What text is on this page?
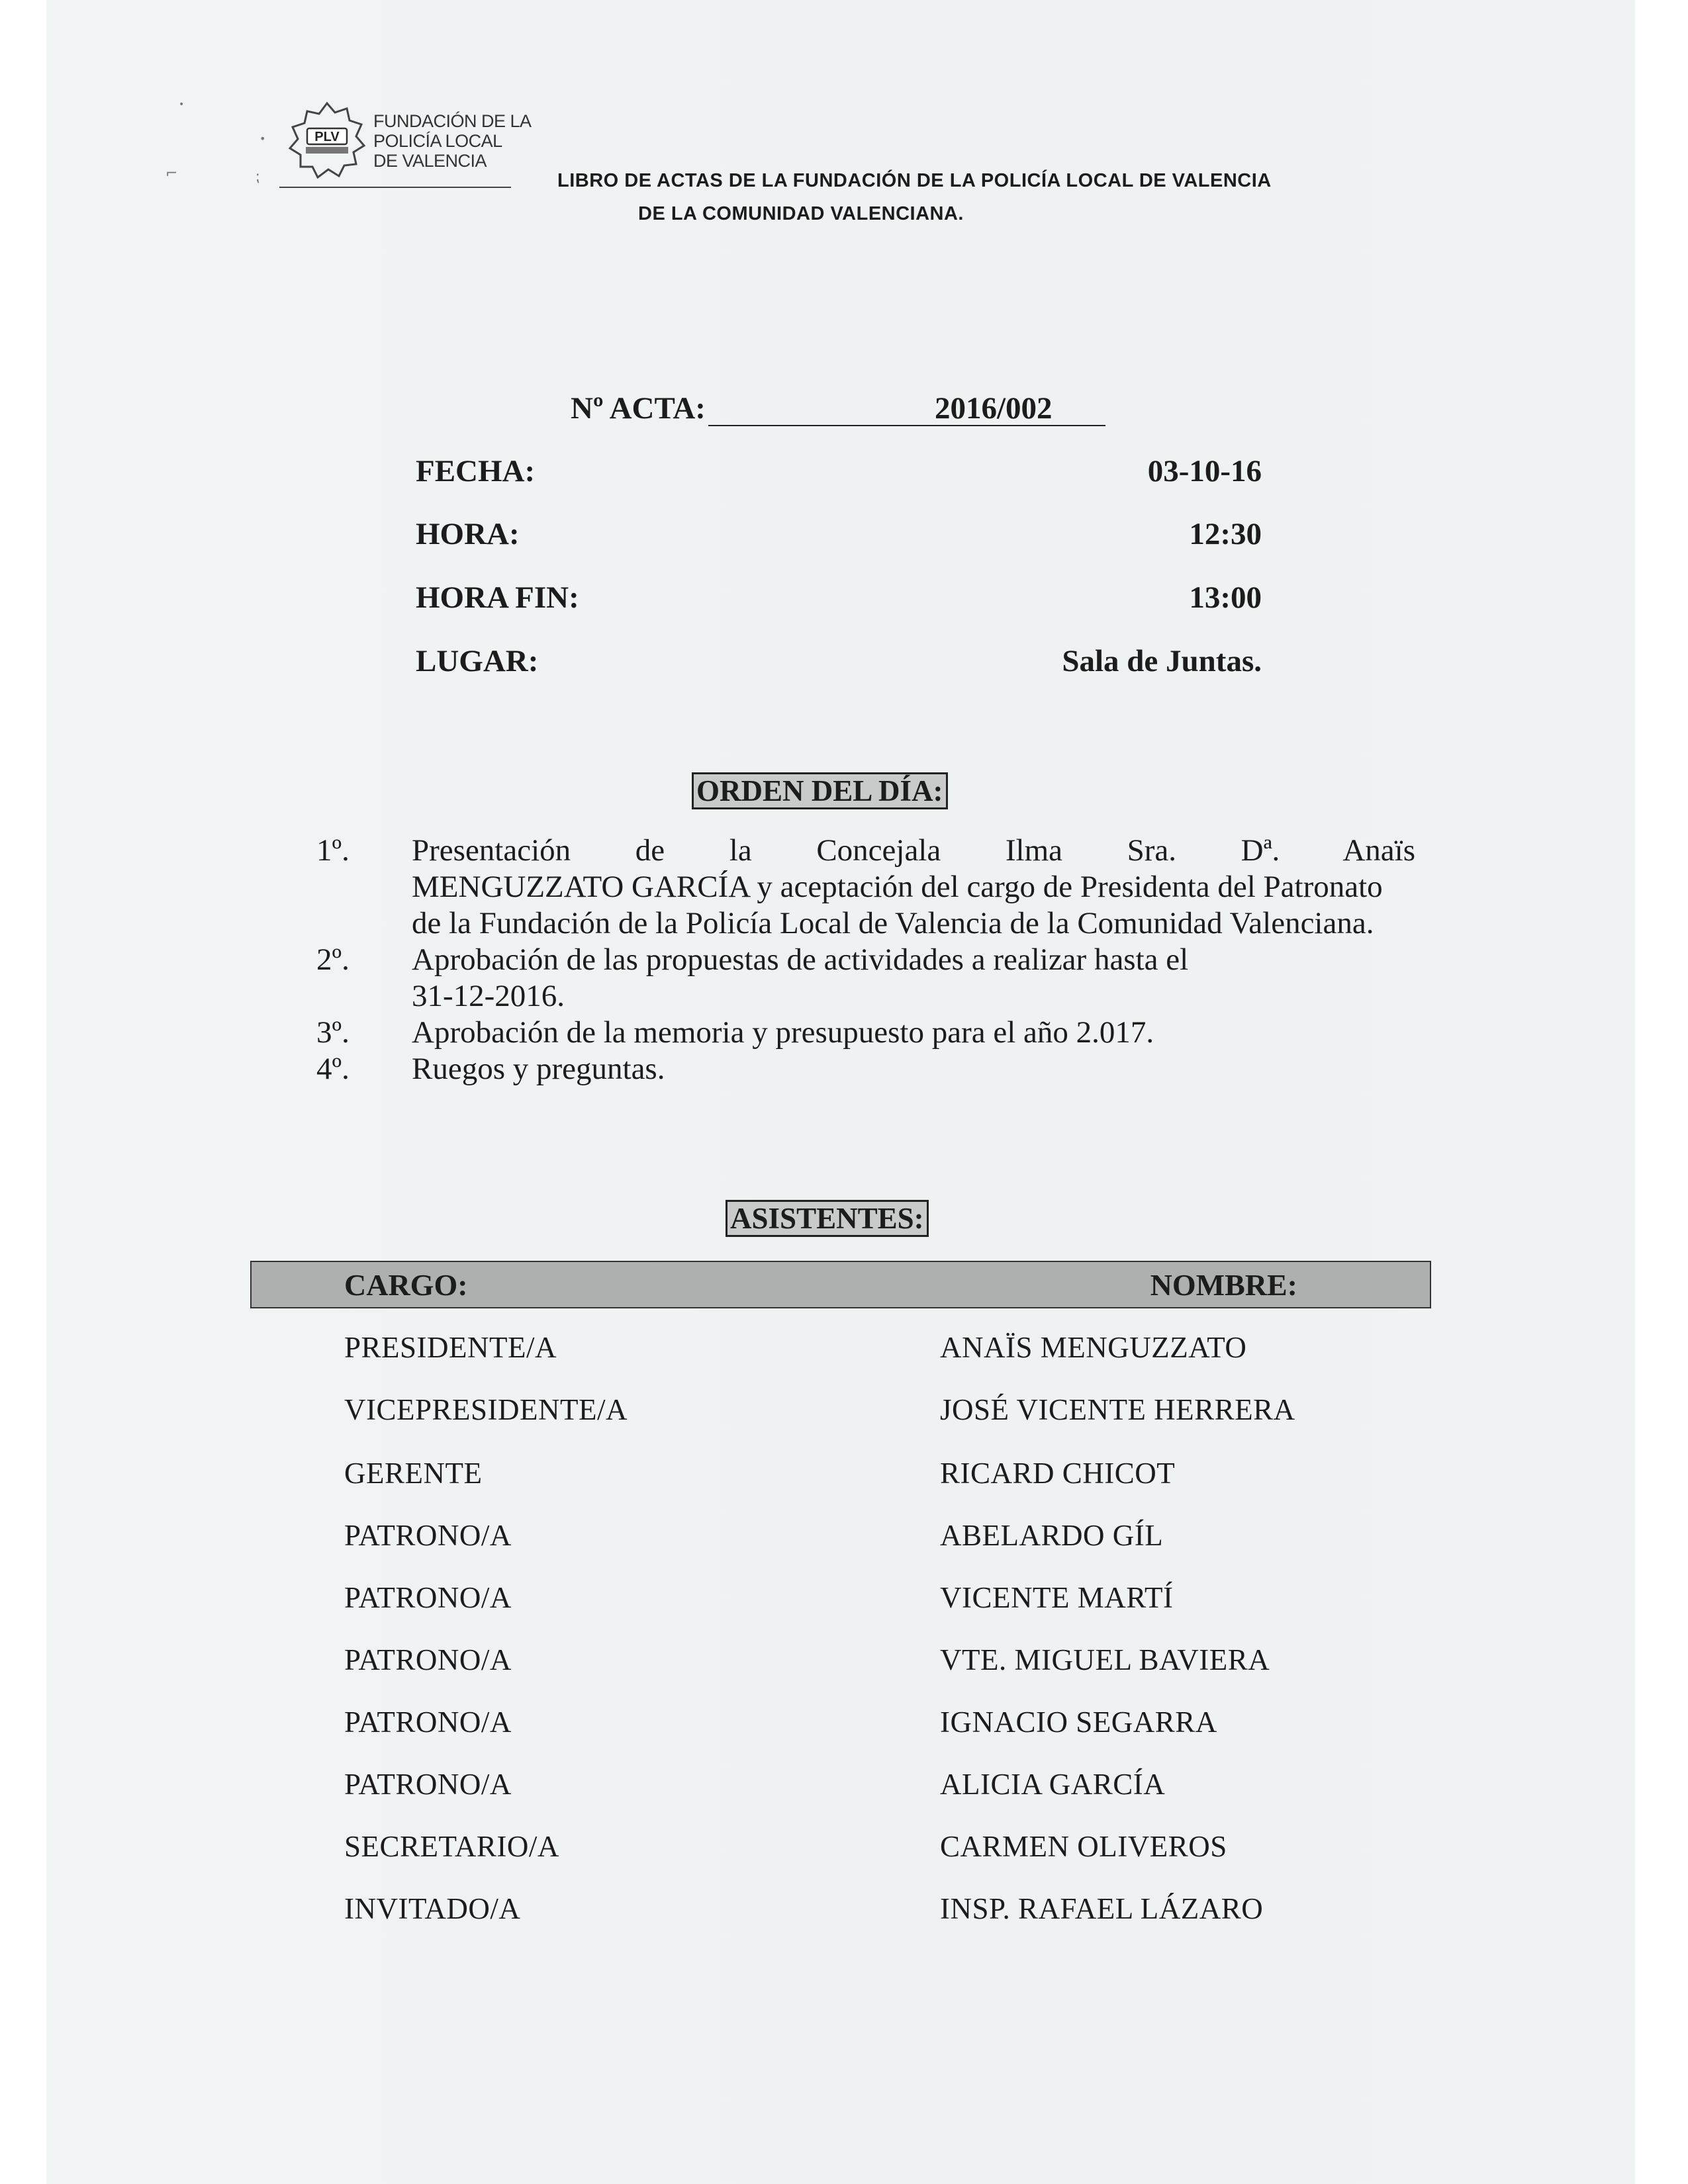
•
•
⌐	⁏
PLV
FUNDACIÓN DE LA
POLICÍA LOCAL
DE VALENCIA
LIBRO DE ACTAS DE LA FUNDACIÓN DE LA POLICÍA LOCAL DE VALENCIA
DE LA COMUNIDAD VALENCIANA.
Nº ACTA:	2016/002
FECHA:	03-10-16
HORA:	12:30
HORA FIN:	13:00
LUGAR:	Sala de Juntas.
ORDEN DEL DÍA:
1º. Presentación de la Concejala Ilma Sra. Dª. Anaïs
MENGUZZATO GARCÍA y aceptación del cargo de Presidenta del Patronato de la Fundación de la Policía Local de Valencia de la Comunidad Valenciana.
2º. Aprobación de las propuestas de actividades a realizar hasta el
31-12-2016.
3º. Aprobación de la memoria y presupuesto para el año 2.017.
4º. Ruegos y preguntas.
ASISTENTES:
CARGO:	NOMBRE:
PRESIDENTE/A	ANAÏS MENGUZZATO
VICEPRESIDENTE/A	JOSÉ VICENTE HERRERA
GERENTE	RICARD CHICOT
PATRONO/A	ABELARDO GÍL
PATRONO/A	VICENTE MARTÍ
PATRONO/A	VTE. MIGUEL BAVIERA
PATRONO/A	IGNACIO SEGARRA
PATRONO/A	ALICIA GARCÍA
SECRETARIO/A	CARMEN OLIVEROS
INVITADO/A	INSP. RAFAEL LÁZARO
